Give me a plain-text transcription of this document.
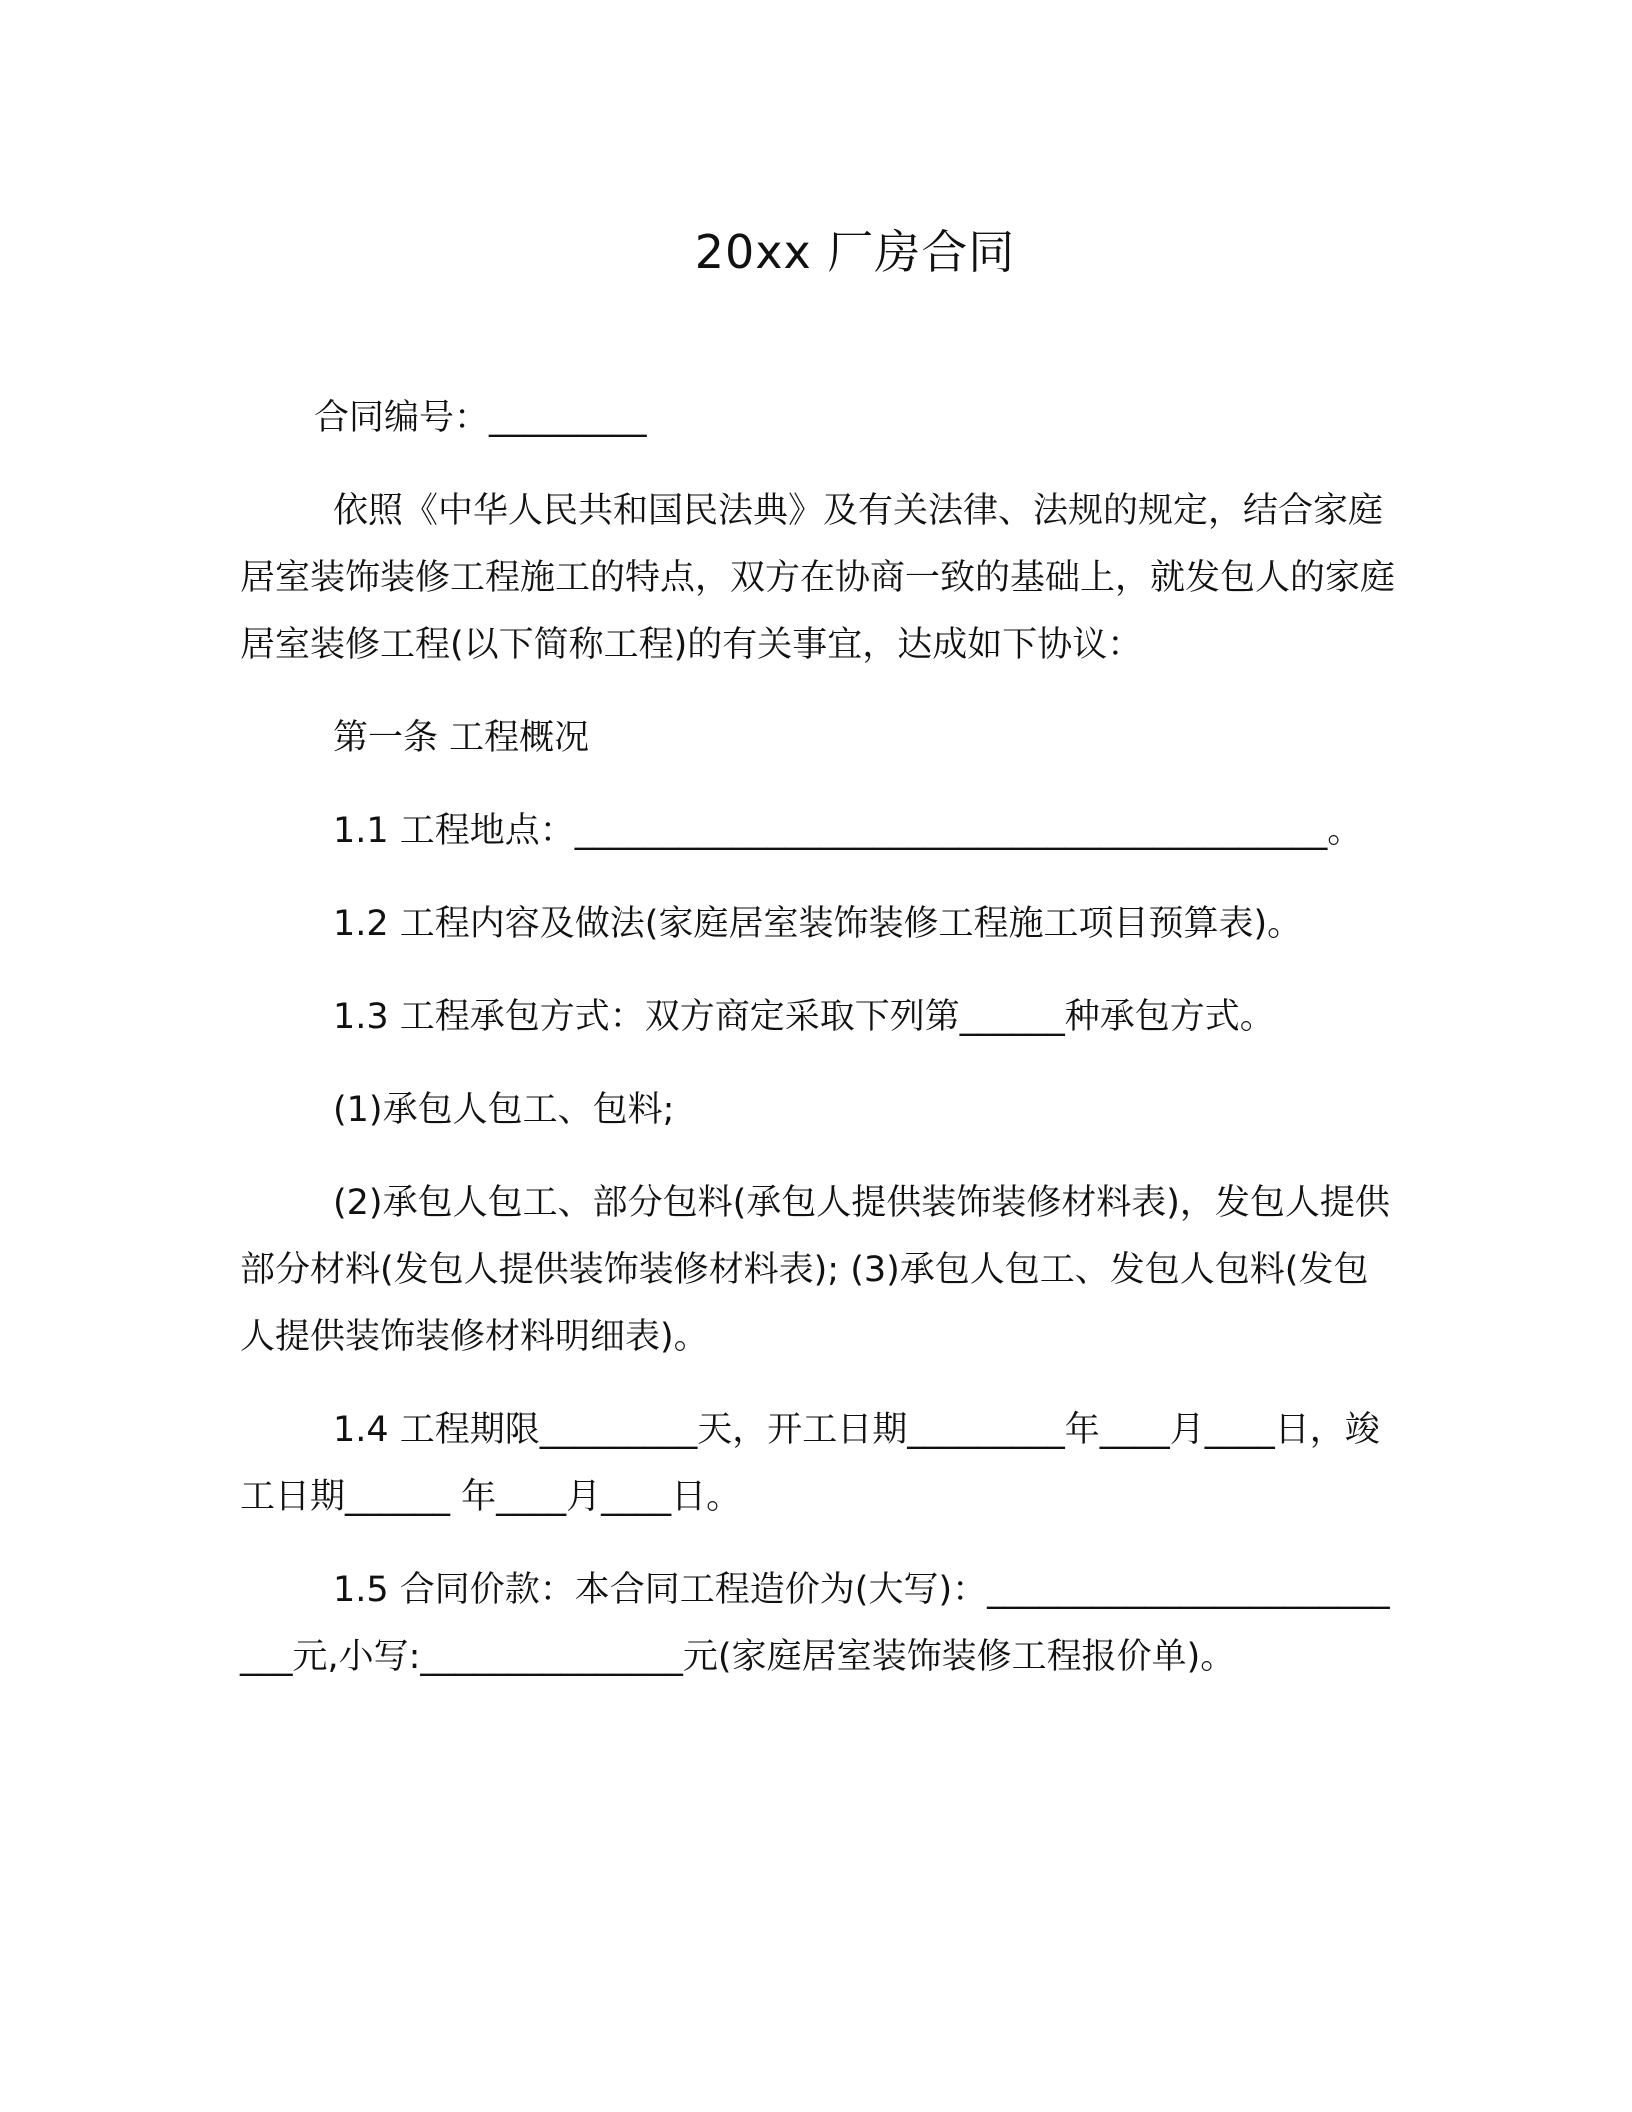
20xx 厂房合同

合同编号：_________

依照《中华人民共和国民法典》及有关法律、法规的规定，结合家庭居室装饰装修工程施工的特点，双方在协商一致的基础上，就发包人的家庭居室装修工程(以下简称工程)的有关事宜，达成如下协议：

第一条 工程概况

1.1 工程地点：___________________________________________。

1.2 工程内容及做法(家庭居室装饰装修工程施工项目预算表)。

1.3 工程承包方式：双方商定采取下列第______种承包方式。

(1)承包人包工、包料;

(2)承包人包工、部分包料(承包人提供装饰装修材料表)，发包人提供部分材料(发包人提供装饰装修材料表); (3)承包人包工、发包人包料(发包人提供装饰装修材料明细表)。

1.4 工程期限_________天，开工日期_________年____月____日，竣工日期______ 年____月____日。

1.5 合同价款：本合同工程造价为(大写)：__________________________元,小写:_______________元(家庭居室装饰装修工程报价单)。
